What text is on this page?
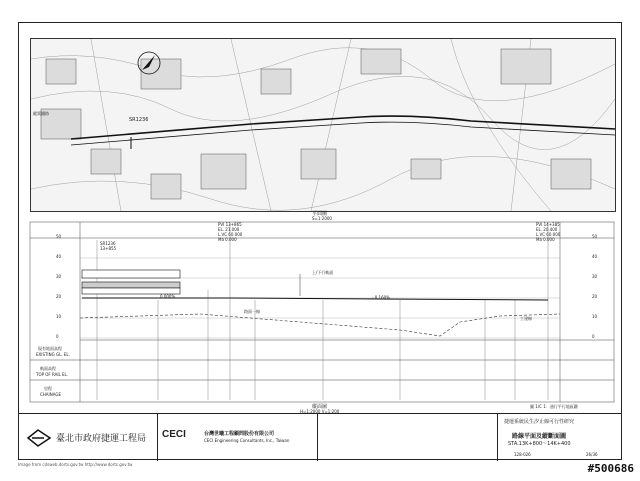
SR1236
縱貫鐵路
平面圖
S=1:2000
50
40
30
20
10
0
50
40
30
20
10
0
PVI 13+865
EL. 21.000
L.VC 60.000
Ma 0.000
PVI 14+385
EL. 20.400
L.VC 60.000
Ma 0.000
SR1236
13+855
0.000%	- 0.160%
上/下行軌面
路面一線
工建線
現有地面高程
EXISTING GL. EL.
軌面高程
TOP OF RAIL EL.
里程
CHAINAGE
縱面圖
H=1:2000 V=1:200
圖 1/C 1：通行平行地區鐵
臺北市政府捷運工程局 CECI	台灣世曦工程顧問股份有限公司
CECI Engineering Consultants, Inc., Taiwan
捷運系統民生汐止線可行性研究
路線平面及縱斷面圖
STA.13K+800～14K+400
128-026	26/36
Image from cdsweb.dorts.gov.tw http://www.dorts.gov.tw	#500686
